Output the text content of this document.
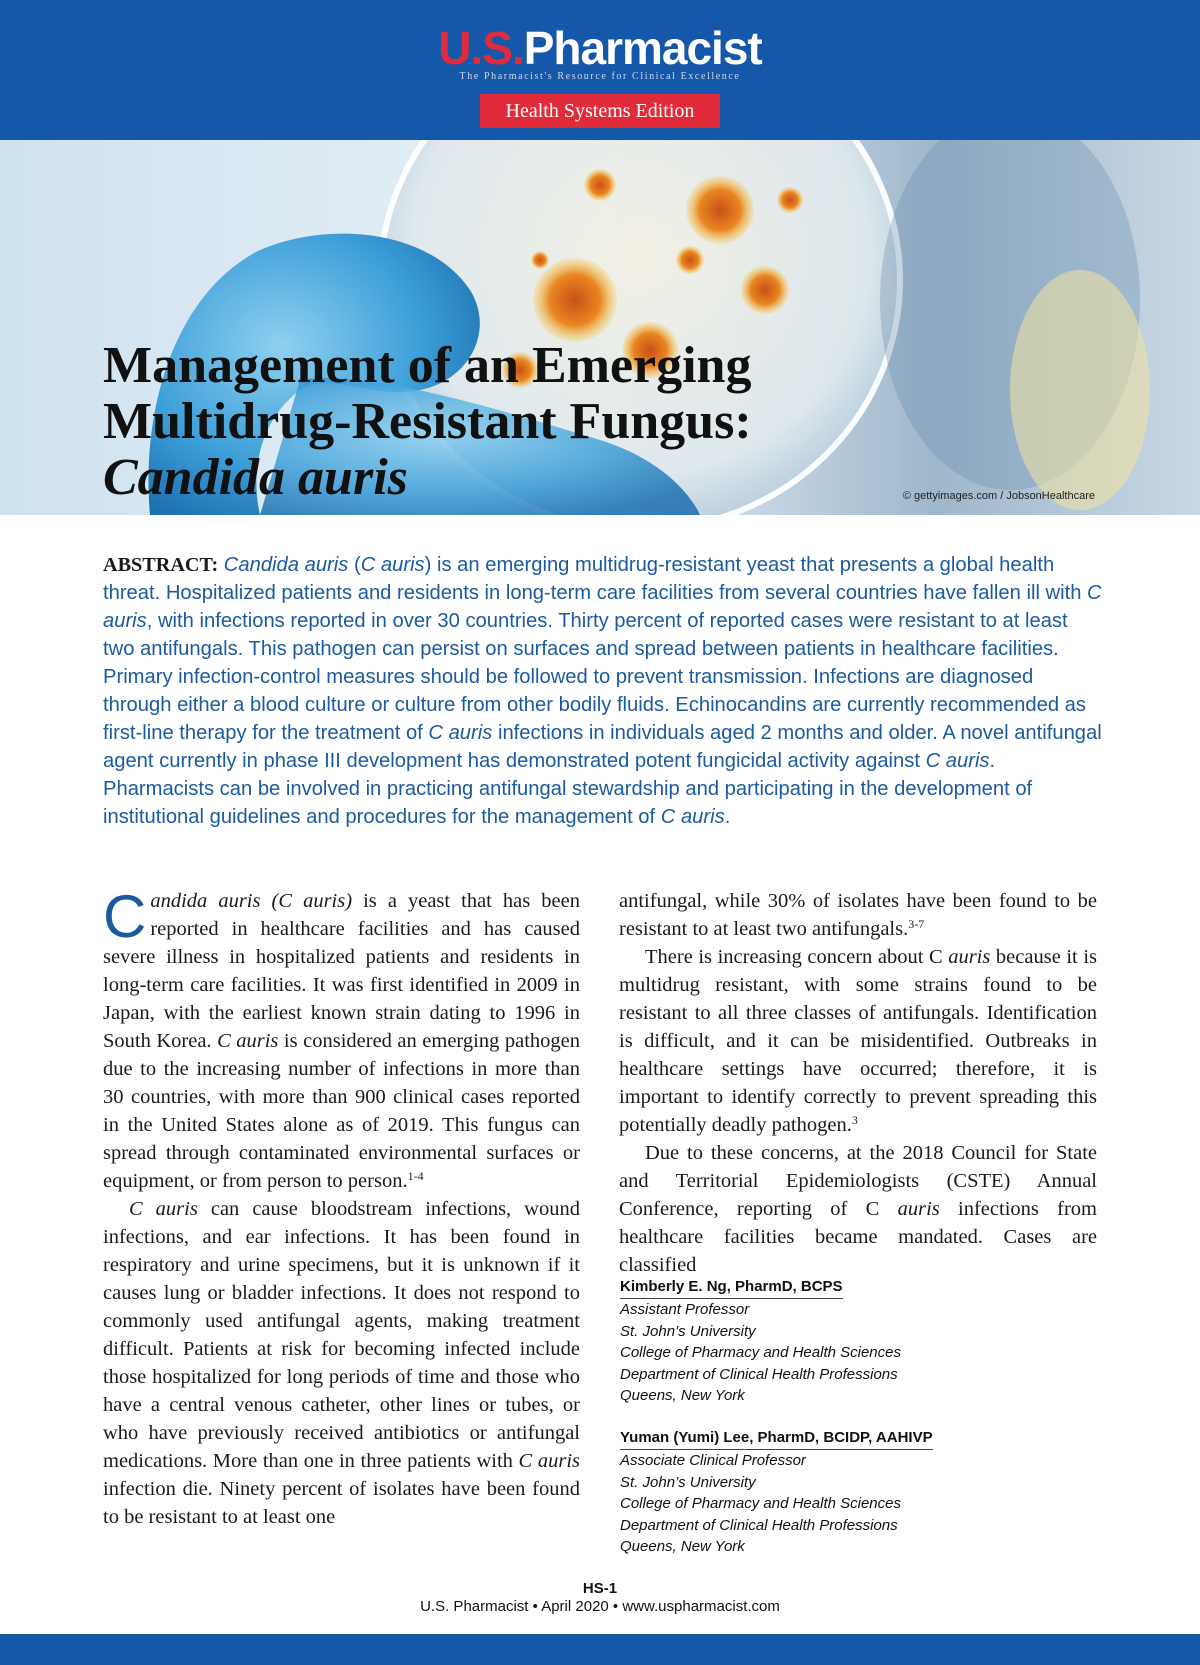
U.S.Pharmacist
The Pharmacist's Resource for Clinical Excellence
Health Systems Edition
Management of an Emerging
Multidrug-Resistant Fungus:
Candida auris	© gettyimages.com / JobsonHealthcare

ABSTRACT: Candida auris (C auris) is an emerging multidrug-resistant yeast that presents a global health threat. Hospitalized patients and residents in long-term care facilities from several countries have fallen ill with C auris, with infections reported in over 30 countries. Thirty percent of reported cases were resistant to at least two antifungals. This pathogen can persist on surfaces and spread between patients in healthcare facilities. Primary infection-control measures should be followed to prevent transmission. Infections are diagnosed through either a blood culture or culture from other bodily fluids. Echinocandins are currently recommended as first-line therapy for the treatment of C auris infections in individuals aged 2 months and older. A novel antifungal agent currently in phase III development has demonstrated potent fungicidal activity against C auris. Pharmacists can be involved in practicing antifungal stewardship and participating in the development of institutional guidelines and procedures for the management of C auris.

Candida auris (C auris) is a yeast that has been reported in healthcare facilities and has caused severe illness in hospitalized patients and residents in long-term care facilities. It was first identified in 2009 in Japan, with the earliest known strain dating to 1996 in South Korea. C auris is considered an emerging pathogen due to the increasing number of infections in more than 30 countries, with more than 900 clinical cases reported in the United States alone as of 2019. This fungus can spread through contaminated environmental surfaces or equipment, or from person to person.$^{1-4}$

C auris can cause bloodstream infections, wound infections, and ear infections. It has been found in respiratory and urine specimens, but it is unknown if it causes lung or bladder infections. It does not respond to commonly used antifungal agents, making treatment difficult. Patients at risk for becoming infected include those hospitalized for long periods of time and those who have a central venous catheter, other lines or tubes, or who have previously received antibiotics or antifungal medications. More than one in three patients with C auris infection die. Ninety percent of isolates have been found to be resistant to at least one

antifungal, while 30% of isolates have been found to be resistant to at least two antifungals.$^{3-7}$

There is increasing concern about C auris because it is multidrug resistant, with some strains found to be resistant to all three classes of antifungals. Identification is difficult, and it can be misidentified. Outbreaks in healthcare settings have occurred; therefore, it is important to identify correctly to prevent spreading this potentially deadly pathogen.$^3$

Due to these concerns, at the 2018 Council for State and Territorial Epidemiologists (CSTE) Annual Conference, reporting of C auris infections from healthcare facilities became mandated. Cases are classified

Kimberly E. Ng, PharmD, BCPS
Assistant Professor
St. John’s University
College of Pharmacy and Health Sciences
Department of Clinical Health Professions
Queens, New York
Yuman (Yumi) Lee, PharmD, BCIDP, AAHIVP
Associate Clinical Professor
St. John’s University
College of Pharmacy and Health Sciences
Department of Clinical Health Professions
Queens, New York
HS-1
U.S. Pharmacist • April 2020 • www.uspharmacist.com
